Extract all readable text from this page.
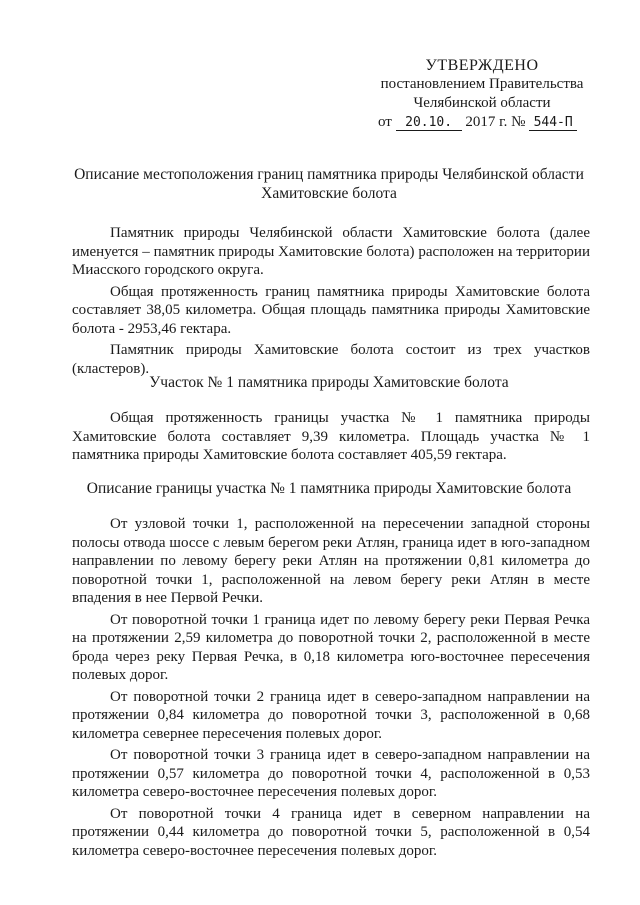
УТВЕРЖДЕНО
постановлением Правительства
Челябинской области
от 20.10. 2017 г. № 544-П
Описание местоположения границ памятника природы Челябинской области
Хамитовские болота

Памятник природы Челябинской области Хамитовские болота (далее именуется – памятник природы Хамитовские болота) расположен на территории Миасского городского округа.

Общая протяженность границ памятника природы Хамитовские болота составляет 38,05 километра. Общая площадь памятника природы Хамитовские болота - 2953,46 гектара.

Памятник природы Хамитовские болота состоит из трех участков (кластеров).

Участок № 1 памятника природы Хамитовские болота

Общая протяженность границы участка № 1 памятника природы Хамитовские болота составляет 9,39 километра. Площадь участка № 1 памятника природы Хамитовские болота составляет 405,59 гектара.

Описание границы участка № 1 памятника природы Хамитовские болота

От узловой точки 1, расположенной на пересечении западной стороны полосы отвода шоссе с левым берегом реки Атлян, граница идет в юго-западном направлении по левому берегу реки Атлян на протяжении 0,81 километра до поворотной точки 1, расположенной на левом берегу реки Атлян в месте впадения в нее Первой Речки.

От поворотной точки 1 граница идет по левому берегу реки Первая Речка на протяжении 2,59 километра до поворотной точки 2, расположенной в месте брода через реку Первая Речка, в 0,18 километра юго-восточнее пересечения полевых дорог.

От поворотной точки 2 граница идет в северо-западном направлении на протяжении 0,84 километра до поворотной точки 3, расположенной в 0,68 километра севернее пересечения полевых дорог.

От поворотной точки 3 граница идет в северо-западном направлении на протяжении 0,57 километра до поворотной точки 4, расположенной в 0,53 километра северо-восточнее пересечения полевых дорог.

От поворотной точки 4 граница идет в северном направлении на протяжении 0,44 километра до поворотной точки 5, расположенной в 0,54 километра северо-восточнее пересечения полевых дорог.
